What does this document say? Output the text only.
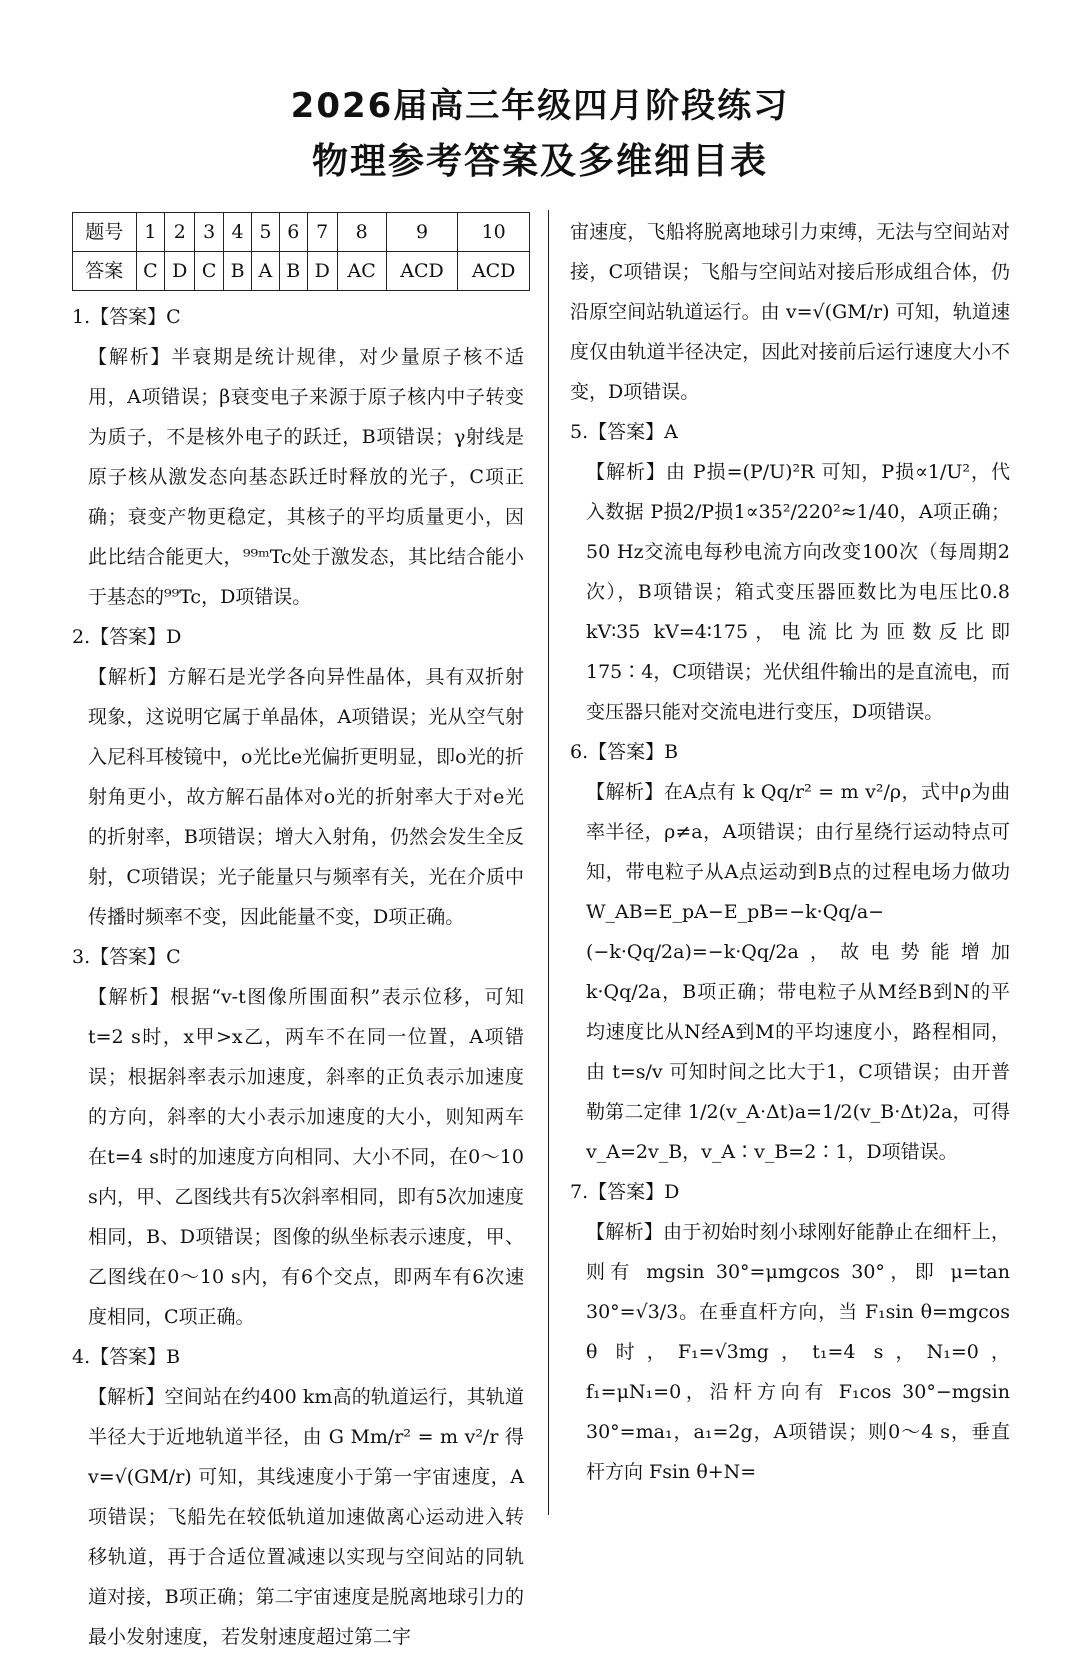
2026届高三年级四月阶段练习
物理参考答案及多维细目表
题号	1	2	3	4	5	6	7	8	9	10
答案	C	D	C	B	A	B	D	AC	ACD	ACD

1.【答案】C

【解析】半衰期是统计规律，对少量原子核不适用，A项错误；β衰变电子来源于原子核内中子转变为质子，不是核外电子的跃迁，B项错误；γ射线是原子核从激发态向基态跃迁时释放的光子，C项正确；衰变产物更稳定，其核子的平均质量更小，因此比结合能更大，⁹⁹ᵐTc处于激发态，其比结合能小于基态的⁹⁹Tc，D项错误。

2.【答案】D

【解析】方解石是光学各向异性晶体，具有双折射现象，这说明它属于单晶体，A项错误；光从空气射入尼科耳棱镜中，o光比e光偏折更明显，即o光的折射角更小，故方解石晶体对o光的折射率大于对e光的折射率，B项错误；增大入射角，仍然会发生全反射，C项错误；光子能量只与频率有关，光在介质中传播时频率不变，因此能量不变，D项正确。

3.【答案】C

【解析】根据“v-t图像所围面积”表示位移，可知t=2 s时，x甲>x乙，两车不在同一位置，A项错误；根据斜率表示加速度，斜率的正负表示加速度的方向，斜率的大小表示加速度的大小，则知两车在t=4 s时的加速度方向相同、大小不同，在0～10 s内，甲、乙图线共有5次斜率相同，即有5次加速度相同，B、D项错误；图像的纵坐标表示速度，甲、乙图线在0～10 s内，有6个交点，即两车有6次速度相同，C项正确。

4.【答案】B

【解析】空间站在约400 km高的轨道运行，其轨道半径大于近地轨道半径，由 G Mm/r² = m v²/r 得 v=√(GM/r) 可知，其线速度小于第一宇宙速度，A项错误；飞船先在较低轨道加速做离心运动进入转移轨道，再于合适位置减速以实现与空间站的同轨道对接，B项正确；第二宇宙速度是脱离地球引力的最小发射速度，若发射速度超过第二宇

宙速度，飞船将脱离地球引力束缚，无法与空间站对接，C项错误；飞船与空间站对接后形成组合体，仍沿原空间站轨道运行。由 v=√(GM/r) 可知，轨道速度仅由轨道半径决定，因此对接前后运行速度大小不变，D项错误。

5.【答案】A

【解析】由 P损=(P/U)²R 可知，P损∝1/U²，代入数据 P损2/P损1∝35²/220²≈1/40，A项正确；50 Hz交流电每秒电流方向改变100次（每周期2次），B项错误；箱式变压器匝数比为电压比0.8 kV∶35 kV=4∶175，电流比为匝数反比即175∶4，C项错误；光伏组件输出的是直流电，而变压器只能对交流电进行变压，D项错误。

6.【答案】B

【解析】在A点有 k Qq/r² = m v²/ρ，式中ρ为曲率半径，ρ≠a，A项错误；由行星绕行运动特点可知，带电粒子从A点运动到B点的过程电场力做功 W_AB=E_pA−E_pB=−k·Qq/a−(−k·Qq/2a)=−k·Qq/2a，故电势能增加 k·Qq/2a，B项正确；带电粒子从M经B到N的平均速度比从N经A到M的平均速度小，路程相同，由 t=s/v 可知时间之比大于1，C项错误；由开普勒第二定律 1/2(v_A·Δt)a=1/2(v_B·Δt)2a，可得 v_A=2v_B，v_A∶v_B=2∶1，D项错误。

7.【答案】D

【解析】由于初始时刻小球刚好能静止在细杆上，则有 mgsin 30°=μmgcos 30°，即 μ=tan 30°=√3/3。在垂直杆方向，当 F₁sin θ=mgcos θ 时，F₁=√3mg，t₁=4 s，N₁=0，f₁=μN₁=0，沿杆方向有 F₁cos 30°−mgsin 30°=ma₁，a₁=2g，A项错误；则0～4 s，垂直杆方向 Fsin θ+N=
